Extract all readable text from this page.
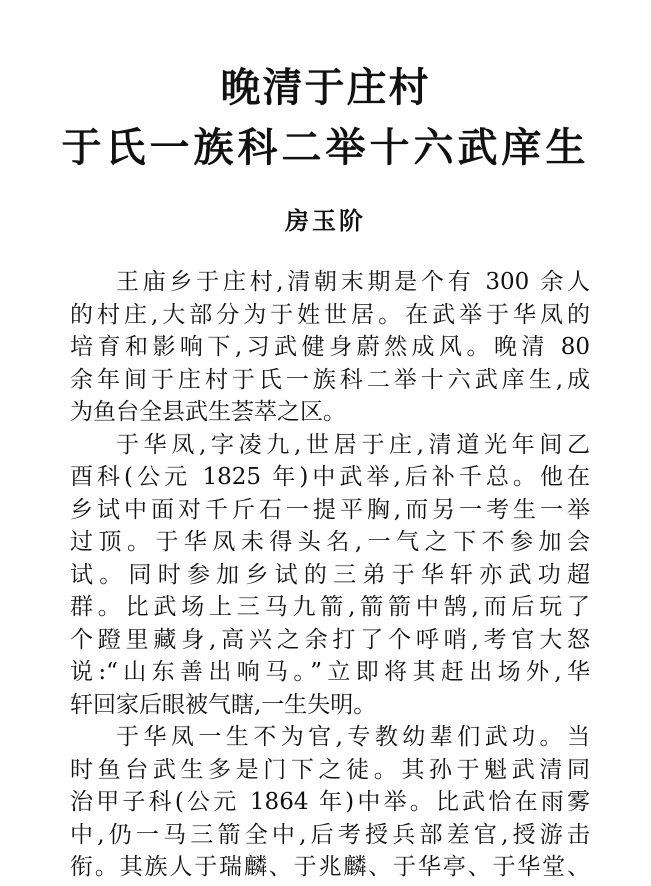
晚清于庄村
于氏一族科二举十六武庠生
房玉阶
王庙乡于庄村,清朝末期是个有 300 余人
的村庄,大部分为于姓世居。在武举于华凤的
培育和影响下,习武健身蔚然成风。晚清 80
余年间于庄村于氏一族科二举十六武庠生,成
为鱼台全县武生荟萃之区。
于华凤,字凌九,世居于庄,清道光年间乙
酉科(公元 1825 年)中武举,后补千总。他在
乡试中面对千斤石一提平胸,而另一考生一举
过顶。于华凤未得头名,一气之下不参加会
试。同时参加乡试的三弟于华轩亦武功超
群。比武场上三马九箭,箭箭中鹄,而后玩了
个蹬里藏身,高兴之余打了个呼哨,考官大怒
说:“山东善出响马。”立即将其赶出场外,华
轩回家后眼被气瞎,一生失明。
于华凤一生不为官,专教幼辈们武功。当
时鱼台武生多是门下之徒。其孙于魁武清同
治甲子科(公元 1864 年)中举。比武恰在雨雾
中,仍一马三箭全中,后考授兵部差官,授游击
衔。其族人于瑞麟、于兆麟、于华亭、于华堂、
